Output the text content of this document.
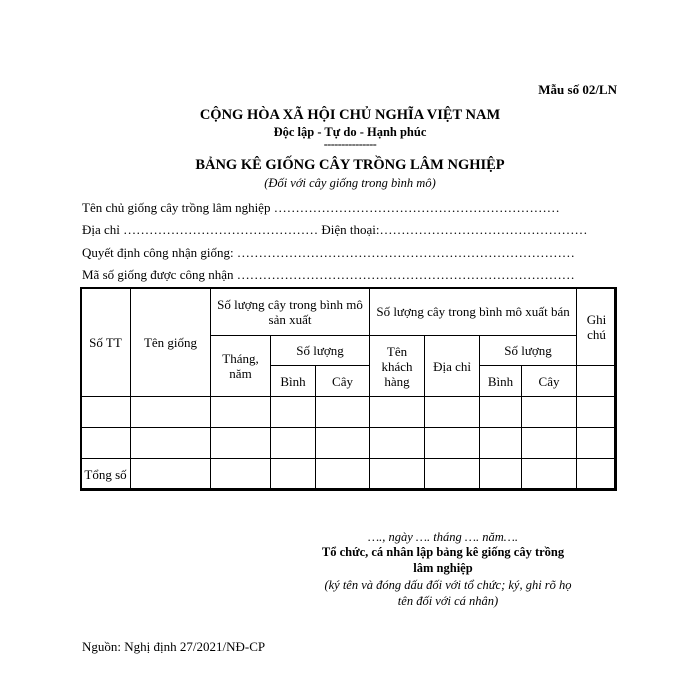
Mẫu số 02/LN
CỘNG HÒA XÃ HỘI CHỦ NGHĨA VIỆT NAM
Độc lập - Tự do - Hạnh phúc
---------------
BẢNG KÊ GIỐNG CÂY TRỒNG LÂM NGHIỆP
(Đối với cây giống trong bình mô)
Tên chủ giống cây trồng lâm nghiệp …………………………………………………………
Địa chỉ ……………………………………… Điện thoại:…………………………………………
Quyết định công nhận giống: ……………………………………………………………………
Mã số giống được công nhận ……………………………………………………………………
Số TT	Tên giống	Số lượng cây trong bình mô sản xuất			Số lượng cây trong bình mô xuất bán				Ghi chú
		Tháng, năm	Số lượng		Tên khách hàng	Địa chỉ	Số lượng		
			Bình	Cây			Bình	Cây	

Tổng số									
…., ngày …. tháng …. năm….
Tổ chức, cá nhân lập bảng kê giống cây trồng lâm nghiệp
(ký tên và đóng dấu đối với tổ chức; ký, ghi rõ họ tên đối với cá nhân)
Nguồn: Nghị định 27/2021/NĐ-CP
